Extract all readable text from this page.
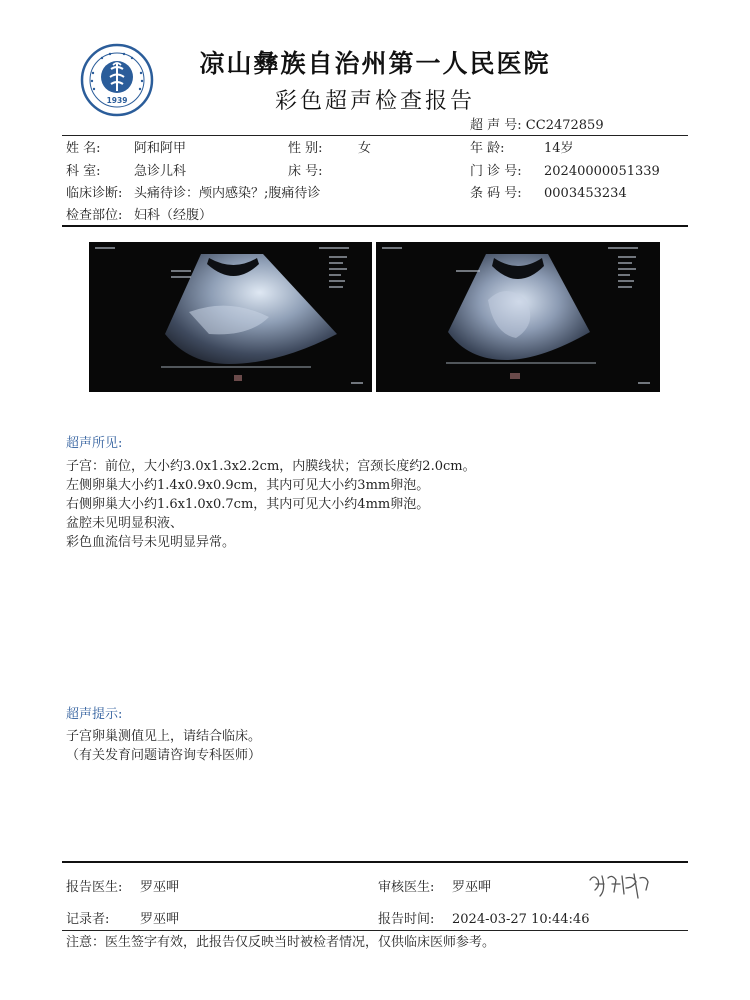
1939
凉山彝族自治州第一人民医院
彩色超声检查报告
超 声 号: CC2472859
姓 名:	阿和阿甲	性 别:	女	年 龄:	14岁
科 室:	急诊儿科	床 号:	门 诊 号: 20240000051339
临床诊断: 头痛待诊：颅内感染？;腹痛待诊	条 码 号: 0003453234
检查部位: 妇科（经腹）
超声所见:
子宫：前位，大小约3.0x1.3x2.2cm，内膜线状；宫颈长度约2.0cm。
左侧卵巢大小约1.4x0.9x0.9cm，其内可见大小约3mm卵泡。
右侧卵巢大小约1.6x1.0x0.7cm，其内可见大小约4mm卵泡。
盆腔未见明显积液、
彩色血流信号未见明显异常。
超声提示:
子宫卵巢测值见上，请结合临床。
（有关发育问题请咨询专科医师）
报告医生: 罗巫呷	审核医生: 罗巫呷
记录者: 罗巫呷	报告时间: 2024-03-27 10:44:46
注意：医生签字有效，此报告仅反映当时被检者情况，仅供临床医师参考。
